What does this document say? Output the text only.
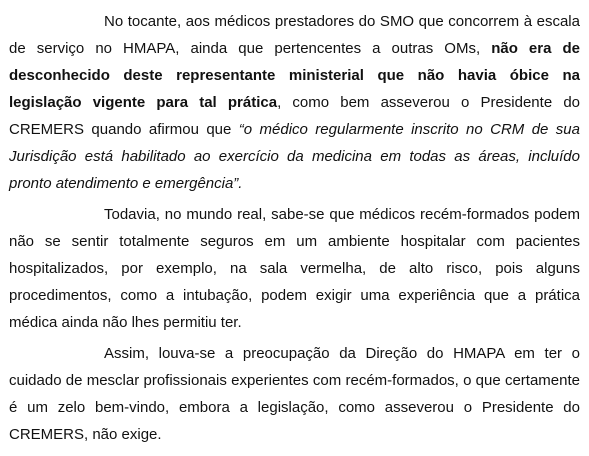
No tocante, aos médicos prestadores do SMO que concorrem à escala de serviço no HMAPA, ainda que pertencentes a outras OMs, não era de desconhecido deste representante ministerial que não havia óbice na legislação vigente para tal prática, como bem asseverou o Presidente do CREMERS quando afirmou que “o médico regularmente inscrito no CRM de sua Jurisdição está habilitado ao exercício da medicina em todas as áreas, incluído pronto atendimento e emergência”.

Todavia, no mundo real, sabe-se que médicos recém-formados podem não se sentir totalmente seguros em um ambiente hospitalar com pacientes hospitalizados, por exemplo, na sala vermelha, de alto risco, pois alguns procedimentos, como a intubação, podem exigir uma experiência que a prática médica ainda não lhes permitiu ter.

Assim, louva-se a preocupação da Direção do HMAPA em ter o cuidado de mesclar profissionais experientes com recém-formados, o que certamente é um zelo bem-vindo, embora a legislação, como asseverou o Presidente do CREMERS, não exige.
